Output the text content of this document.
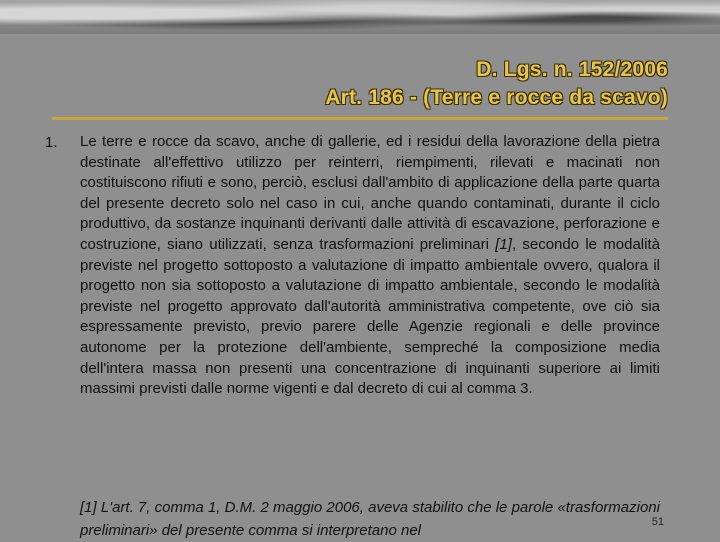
D. Lgs. n. 152/2006
Art. 186 - (Terre e rocce da scavo)
1. Le terre e rocce da scavo, anche di gallerie, ed i residui della lavorazione della pietra destinate all'effettivo utilizzo per reinterri, riempimenti, rilevati e macinati non costituiscono rifiuti e sono, perciò, esclusi dall'ambito di applicazione della parte quarta del presente decreto solo nel caso in cui, anche quando contaminati, durante il ciclo produttivo, da sostanze inquinanti derivanti dalle attività di escavazione, perforazione e costruzione, siano utilizzati, senza trasformazioni preliminari [1], secondo le modalità previste nel progetto sottoposto a valutazione di impatto ambientale ovvero, qualora il progetto non sia sottoposto a valutazione di impatto ambientale, secondo le modalità previste nel progetto approvato dall'autorità amministrativa competente, ove ciò sia espressamente previsto, previo parere delle Agenzie regionali e delle province autonome per la protezione dell'ambiente, sempreché la composizione media dell'intera massa non presenti una concentrazione di inquinanti superiore ai limiti massimi previsti dalle norme vigenti e dal decreto di cui al comma 3.

[1] L'art. 7, comma 1, D.M. 2 maggio 2006, aveva stabilito che le parole «trasformazioni preliminari» del presente comma si interpretano nel	51
